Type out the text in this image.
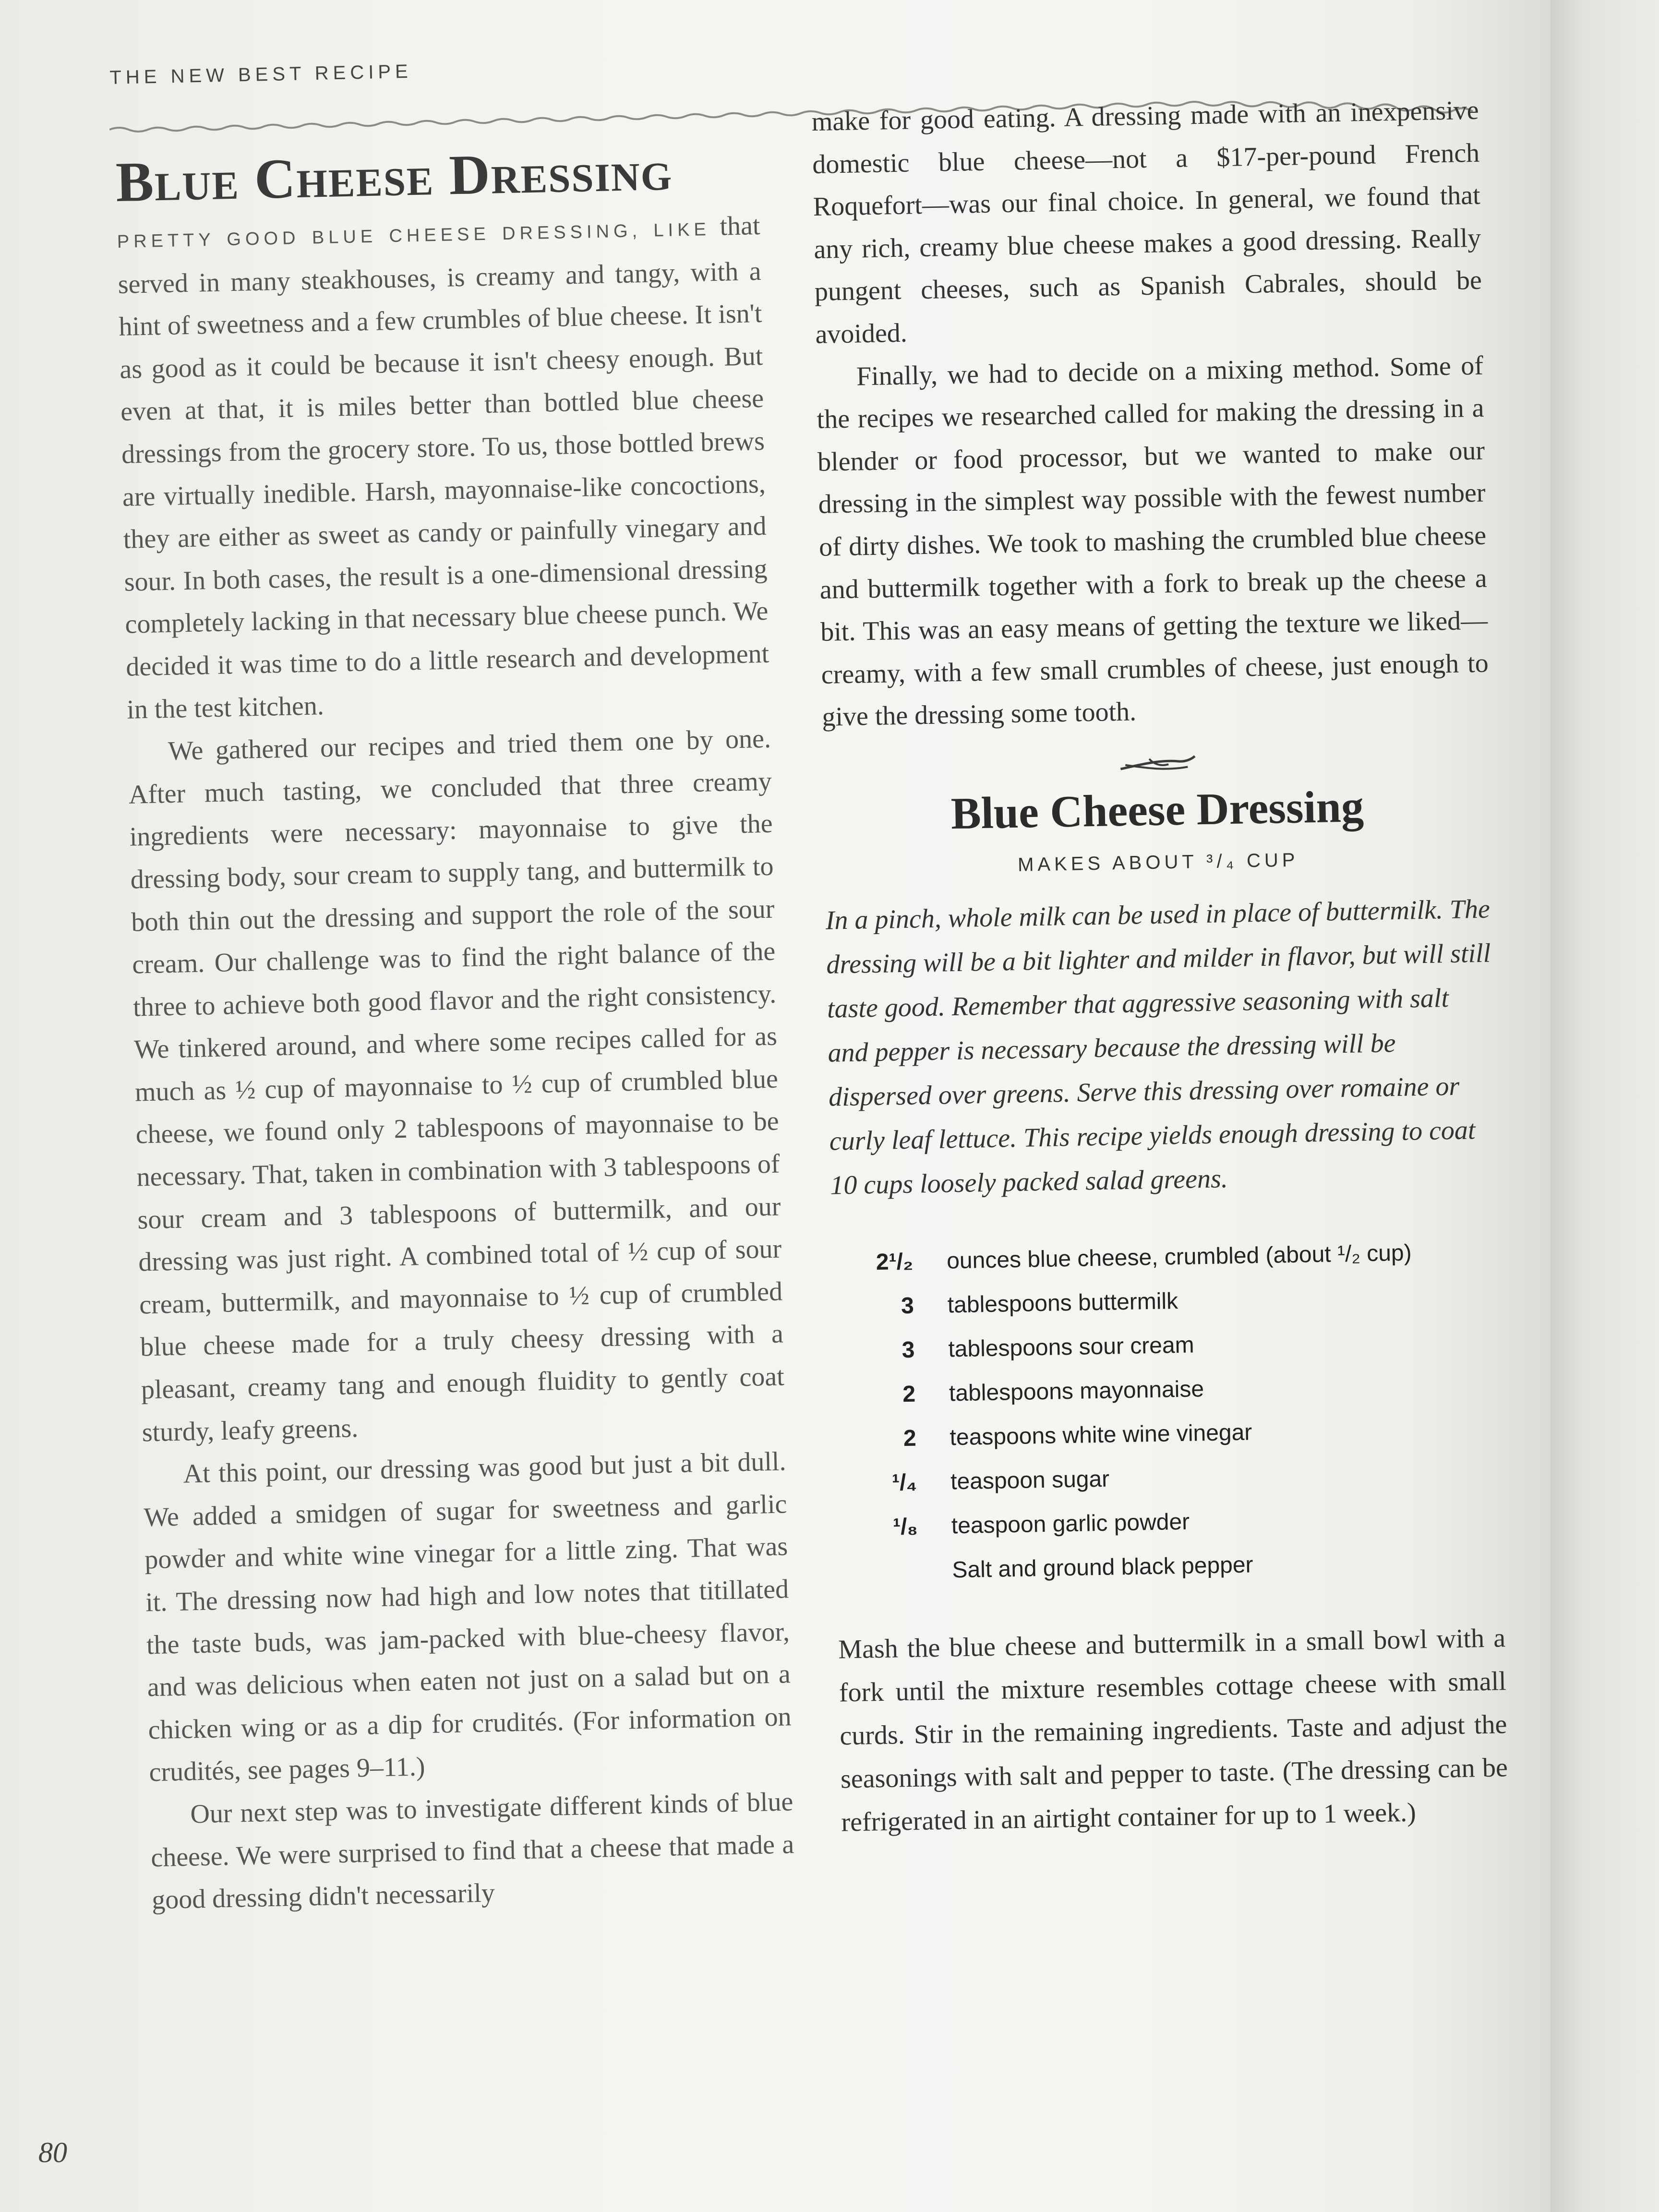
THE NEW BEST RECIPE
Blue Cheese Dressing

PRETTY GOOD BLUE CHEESE DRESSING, LIKE that served in many steakhouses, is creamy and tangy, with a hint of sweetness and a few crumbles of blue cheese. It isn't as good as it could be because it isn't cheesy enough. But even at that, it is miles better than bottled blue cheese dressings from the grocery store. To us, those bottled brews are virtually inedible. Harsh, mayonnaise-like concoctions, they are either as sweet as candy or painfully vinegary and sour. In both cases, the result is a one-dimensional dressing completely lacking in that necessary blue cheese punch. We decided it was time to do a little research and development in the test kitchen.

We gathered our recipes and tried them one by one. After much tasting, we concluded that three creamy ingredients were necessary: mayonnaise to give the dressing body, sour cream to supply tang, and buttermilk to both thin out the dressing and support the role of the sour cream. Our challenge was to find the right balance of the three to achieve both good flavor and the right consistency. We tinkered around, and where some recipes called for as much as ½ cup of mayonnaise to ½ cup of crumbled blue cheese, we found only 2 tablespoons of mayonnaise to be necessary. That, taken in combination with 3 tablespoons of sour cream and 3 tablespoons of buttermilk, and our dressing was just right. A combined total of ½ cup of sour cream, buttermilk, and mayonnaise to ½ cup of crumbled blue cheese made for a truly cheesy dressing with a pleasant, creamy tang and enough fluidity to gently coat sturdy, leafy greens.

At this point, our dressing was good but just a bit dull. We added a smidgen of sugar for sweetness and garlic powder and white wine vinegar for a little zing. That was it. The dressing now had high and low notes that titillated the taste buds, was jam-packed with blue-cheesy flavor, and was delicious when eaten not just on a salad but on a chicken wing or as a dip for crudités. (For information on crudités, see pages 9–11.)

Our next step was to investigate different kinds of blue cheese. We were surprised to find that a cheese that made a good dressing didn't necessarily

make for good eating. A dressing made with an inexpensive domestic blue cheese—not a $17-per-pound French Roquefort—was our final choice. In general, we found that any rich, creamy blue cheese makes a good dressing. Really pungent cheeses, such as Spanish Cabrales, should be avoided.

Finally, we had to decide on a mixing method. Some of the recipes we researched called for making the dressing in a blender or food processor, but we wanted to make our dressing in the simplest way possible with the fewest number of dirty dishes. We took to mashing the crumbled blue cheese and buttermilk together with a fork to break up the cheese a bit. This was an easy means of getting the texture we liked—creamy, with a few small crumbles of cheese, just enough to give the dressing some tooth.

Blue Cheese Dressing
MAKES ABOUT ³/₄ CUP

In a pinch, whole milk can be used in place of buttermilk. The dressing will be a bit lighter and milder in flavor, but will still taste good. Remember that aggressive seasoning with salt and pepper is necessary because the dressing will be dispersed over greens. Serve this dressing over romaine or curly leaf lettuce. This recipe yields enough dressing to coat 10 cups loosely packed salad greens.

2¹/₂	ounces blue cheese, crumbled (about ¹/₂ cup)
3	tablespoons buttermilk
3	tablespoons sour cream
2	tablespoons mayonnaise
2	teaspoons white wine vinegar
¹/₄	teaspoon sugar
¹/₈	teaspoon garlic powder
Salt and ground black pepper

Mash the blue cheese and buttermilk in a small bowl with a fork until the mixture resembles cottage cheese with small curds. Stir in the remaining ingredients. Taste and adjust the seasonings with salt and pepper to taste. (The dressing can be refrigerated in an airtight container for up to 1 week.)

80
